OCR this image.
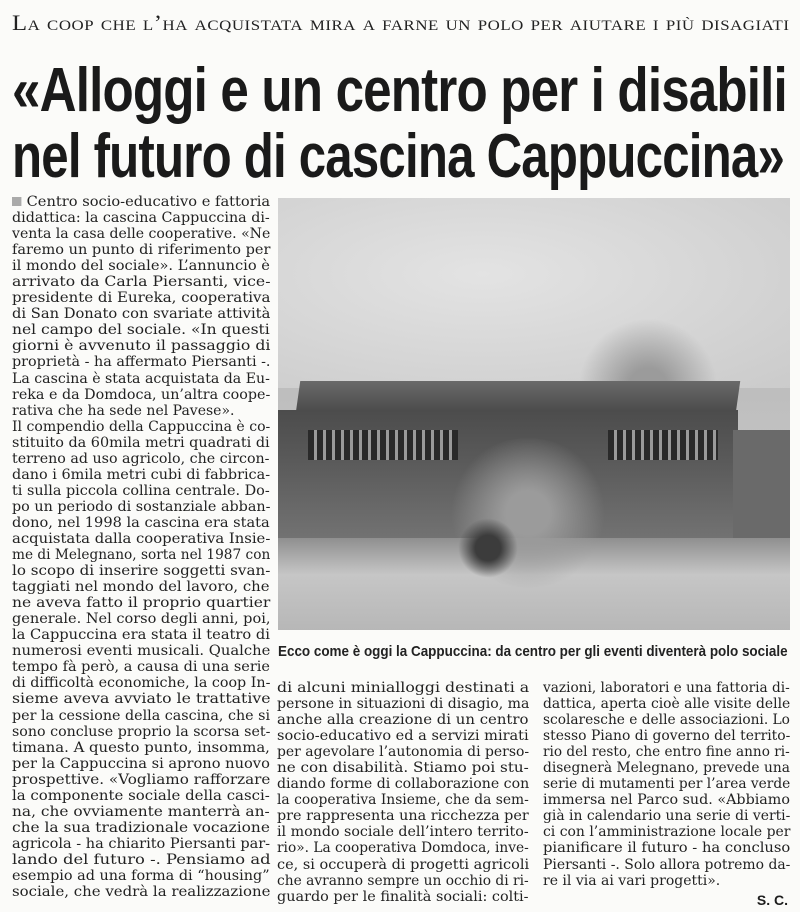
La coop che l’ha acquistata mira a farne un polo per aiutare i più disagiati
«Alloggi e un centro per i disabili
nel futuro di cascina Cappuccina»
Centro socio-educativo e fattoria
didattica: la cascina Cappuccina di-
venta la casa delle cooperative. «Ne
faremo un punto di riferimento per
il mondo del sociale». L’annuncio è
arrivato da Carla Piersanti, vice-
presidente di Eureka, cooperativa
di San Donato con svariate attività
nel campo del sociale. «In questi
giorni è avvenuto il passaggio di
proprietà - ha affermato Piersanti -.
La cascina è stata acquistata da Eu-
reka e da Domdoca, un’altra coope-
rativa che ha sede nel Pavese».
Il compendio della Cappuccina è co-
stituito da 60mila metri quadrati di
terreno ad uso agricolo, che circon-
dano i 6mila metri cubi di fabbrica-
ti sulla piccola collina centrale. Do-
po un periodo di sostanziale abban-
dono, nel 1998 la cascina era stata
acquistata dalla cooperativa Insie-
me di Melegnano, sorta nel 1987 con
lo scopo di inserire soggetti svan-
taggiati nel mondo del lavoro, che
ne aveva fatto il proprio quartier
generale. Nel corso degli anni, poi,
la Cappuccina era stata il teatro di
numerosi eventi musicali. Qualche
tempo fà però, a causa di una serie
di difficoltà economiche, la coop In-
sieme aveva avviato le trattative
per la cessione della cascina, che si
sono concluse proprio la scorsa set-
timana. A questo punto, insomma,
per la Cappuccina si aprono nuovo
prospettive. «Vogliamo rafforzare
la componente sociale della casci-
na, che ovviamente manterrà an-
che la sua tradizionale vocazione
agricola - ha chiarito Piersanti par-
lando del futuro -. Pensiamo ad
esempio ad una forma di “housing”
sociale, che vedrà la realizzazione
Ecco come è oggi la Cappuccina: da centro per gli eventi diventerà polo sociale
di alcuni minialloggi destinati a
persone in situazioni di disagio, ma
anche alla creazione di un centro
socio-educativo ed a servizi mirati
per agevolare l’autonomia di perso-
ne con disabilità. Stiamo poi stu-
diando forme di collaborazione con
la cooperativa Insieme, che da sem-
pre rappresenta una ricchezza per
il mondo sociale dell’intero territo-
rio». La cooperativa Domdoca, inve-
ce, si occuperà di progetti agricoli
che avranno sempre un occhio di ri-
guardo per le finalità sociali: colti-
vazioni, laboratori e una fattoria di-
dattica, aperta cioè alle visite delle
scolaresche e delle associazioni. Lo
stesso Piano di governo del territo-
rio del resto, che entro fine anno ri-
disegnerà Melegnano, prevede una
serie di mutamenti per l’area verde
immersa nel Parco sud. «Abbiamo
già in calendario una serie di verti-
ci con l’amministrazione locale per
pianificare il futuro - ha concluso
Piersanti -. Solo allora potremo da-
re il via ai vari progetti».
S. C.
